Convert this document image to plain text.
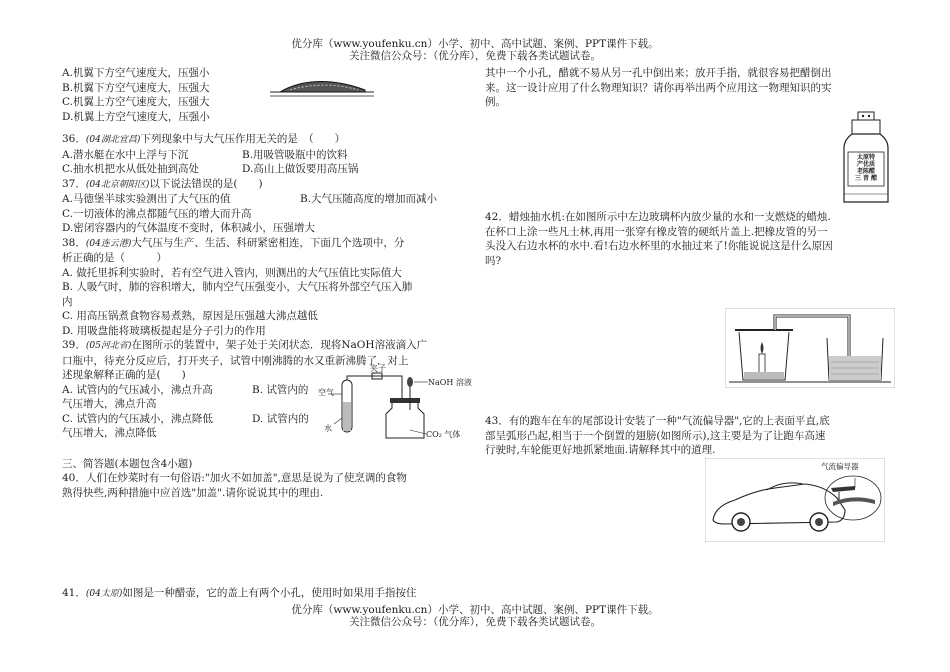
优分库（www.youfenku.cn）小学、初中、高中试题、案例、PPT课件下载。
关注微信公众号：（优分库），免费下载各类试题试卷。
A.机翼下方空气速度大，压强小
B.机翼下方空气速度大，压强大
C.机翼上方空气速度大，压强大
D.机翼上方空气速度大，压强小
36．(04湖北宜昌)下列现象中与大气压作用无关的是　（　　）
A.潜水艇在水中上浮与下沉	B.用吸管吸瓶中的饮料
C.抽水机把水从低处抽到高处	D.高山上做饭要用高压锅
37．(04北京朝阳区)以下说法错误的是(　　)
A.马德堡半球实验测出了大气压的值	B.大气压随高度的增加而减小
C.一切液体的沸点都随气压的增大而升高
D.密闭容器内的气体温度不变时，体积减小，压强增大
38．(04连云港)大气压与生产、生活、科研紧密相连，下面几个选项中，分
析正确的是（　　　）
A. 做托里拆利实验时，若有空气进入管内，则测出的大气压值比实际值大
B. 人吸气时，肺的容积增大，肺内空气压强变小，大气压将外部空气压入肺
内
C. 用高压锅煮食物容易煮熟，原因是压强越大沸点越低
D. 用吸盘能将玻璃板提起是分子引力的作用
39．(05河北省)在图所示的装置中，架子处于关闭状态．现将NaOH溶液滴入广
口瓶中，待充分反应后，打开夹子，试管中刚沸腾的水又重新沸腾了．对上
述现象解释正确的是(　　)
A. 试管内的气压减小，沸点升高	B. 试管内的
气压增大，沸点升高
C. 试管内的气压减小，沸点降低	D. 试管内的
气压增大，沸点降低
三、简答题(本题包含4小题)
40．人们在炒菜时有一句俗语:"加火不如加盖",意思是说为了使烹调的食物
熟得快些,两种措施中应首选"加盖".请你说说其中的理由.
41．(04太原)如图是一种醋壶，它的盖上有两个小孔，使用时如果用手指按住
空气
夹子
NaOH 溶液
水
CO₂ 气体
其中一个小孔，醋就不易从另一孔中倒出来；放开手指，就很容易把醋倒出
来。这一设计应用了什么物理知识？请你再举出两个应用这一物理知识的实
例。
太原特
产优质
老陈醋
三 晋 醋
42．蜡烛抽水机:在如图所示中左边玻璃杯内放少量的水和一支燃烧的蜡烛.
在杯口上涂一些凡士林,再用一张穿有橡皮管的硬纸片盖上.把橡皮管的另一
头没入右边水杯的水中.看!右边水杯里的水抽过来了!你能说说这是什么原因
吗?
43．有的跑车在车的尾部设计安装了一种"气流偏导器",它的上表面平直,底
部呈弧形凸起,相当于一个倒置的翅膀(如图所示),这主要是为了让跑车高速
行驶时,车轮能更好地抓紧地面.请解释其中的道理.
气流偏导器
优分库（www.youfenku.cn）小学、初中、高中试题、案例、PPT课件下载。
关注微信公众号：（优分库），免费下载各类试题试卷。
